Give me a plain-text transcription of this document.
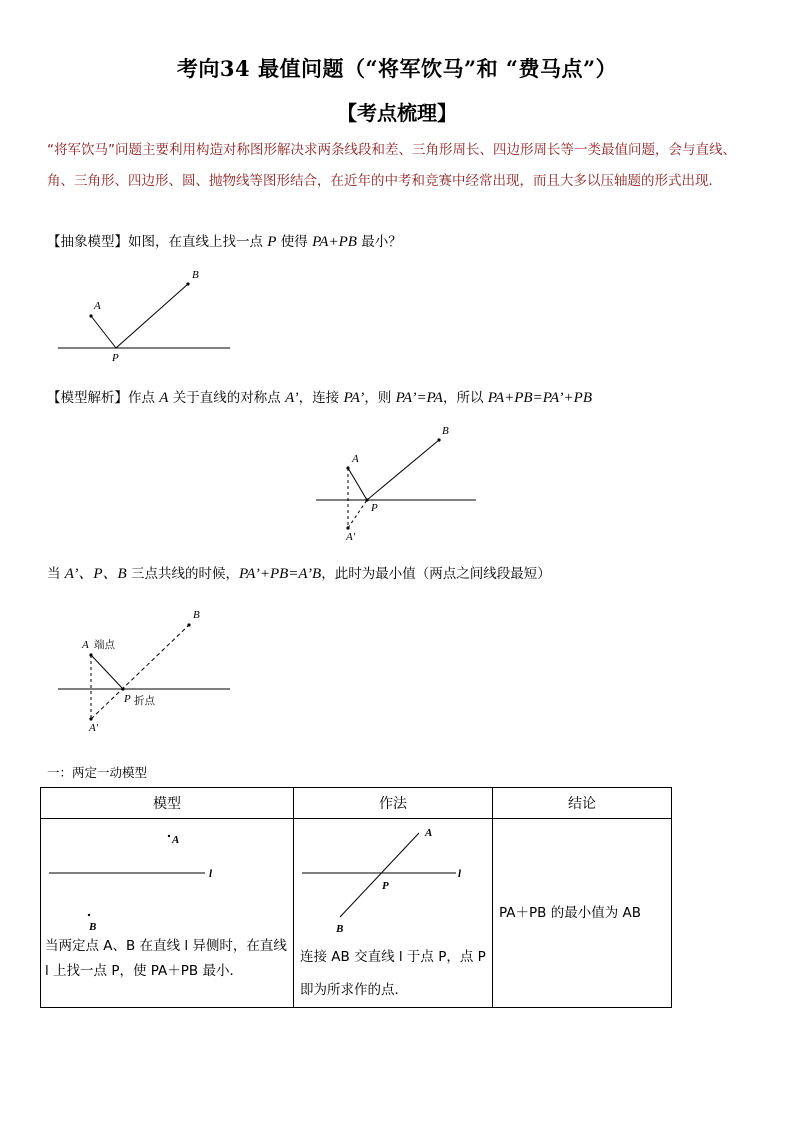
考向34 最值问题（“将军饮马”和 “费马点”）
【考点梳理】
“将军饮马”问题主要利用构造对称图形解决求两条线段和差、三角形周长、四边形周长等一类最值问题，会与直线、角、三角形、四边形、圆、抛物线等图形结合，在近年的中考和竞赛中经常出现，而且大多以压轴题的形式出现．
【抽象模型】如图，在直线上找一点 P 使得 PA+PB 最小？
A
B
P
【模型解析】作点 A 关于直线的对称点 A’，连接 PA’，则 PA’=PA，所以 PA+PB=PA’+PB
A
B
P
A'
当 A’、P、B 三点共线的时候，PA’+PB=A’B，此时为最小值（两点之间线段最短）
A 端点
B
P 折点
A'
一：两定一动模型
模型	作法	结论

A
l
B
当两定点 A、B 在直线 l 异侧时，在直线 l 上找一点 P，使 PA＋PB 最小．	A
P
l
B
连接 AB 交直线 l 于点 P，点 P 即为所求作的点．	PA＋PB 的最小值为 AB
